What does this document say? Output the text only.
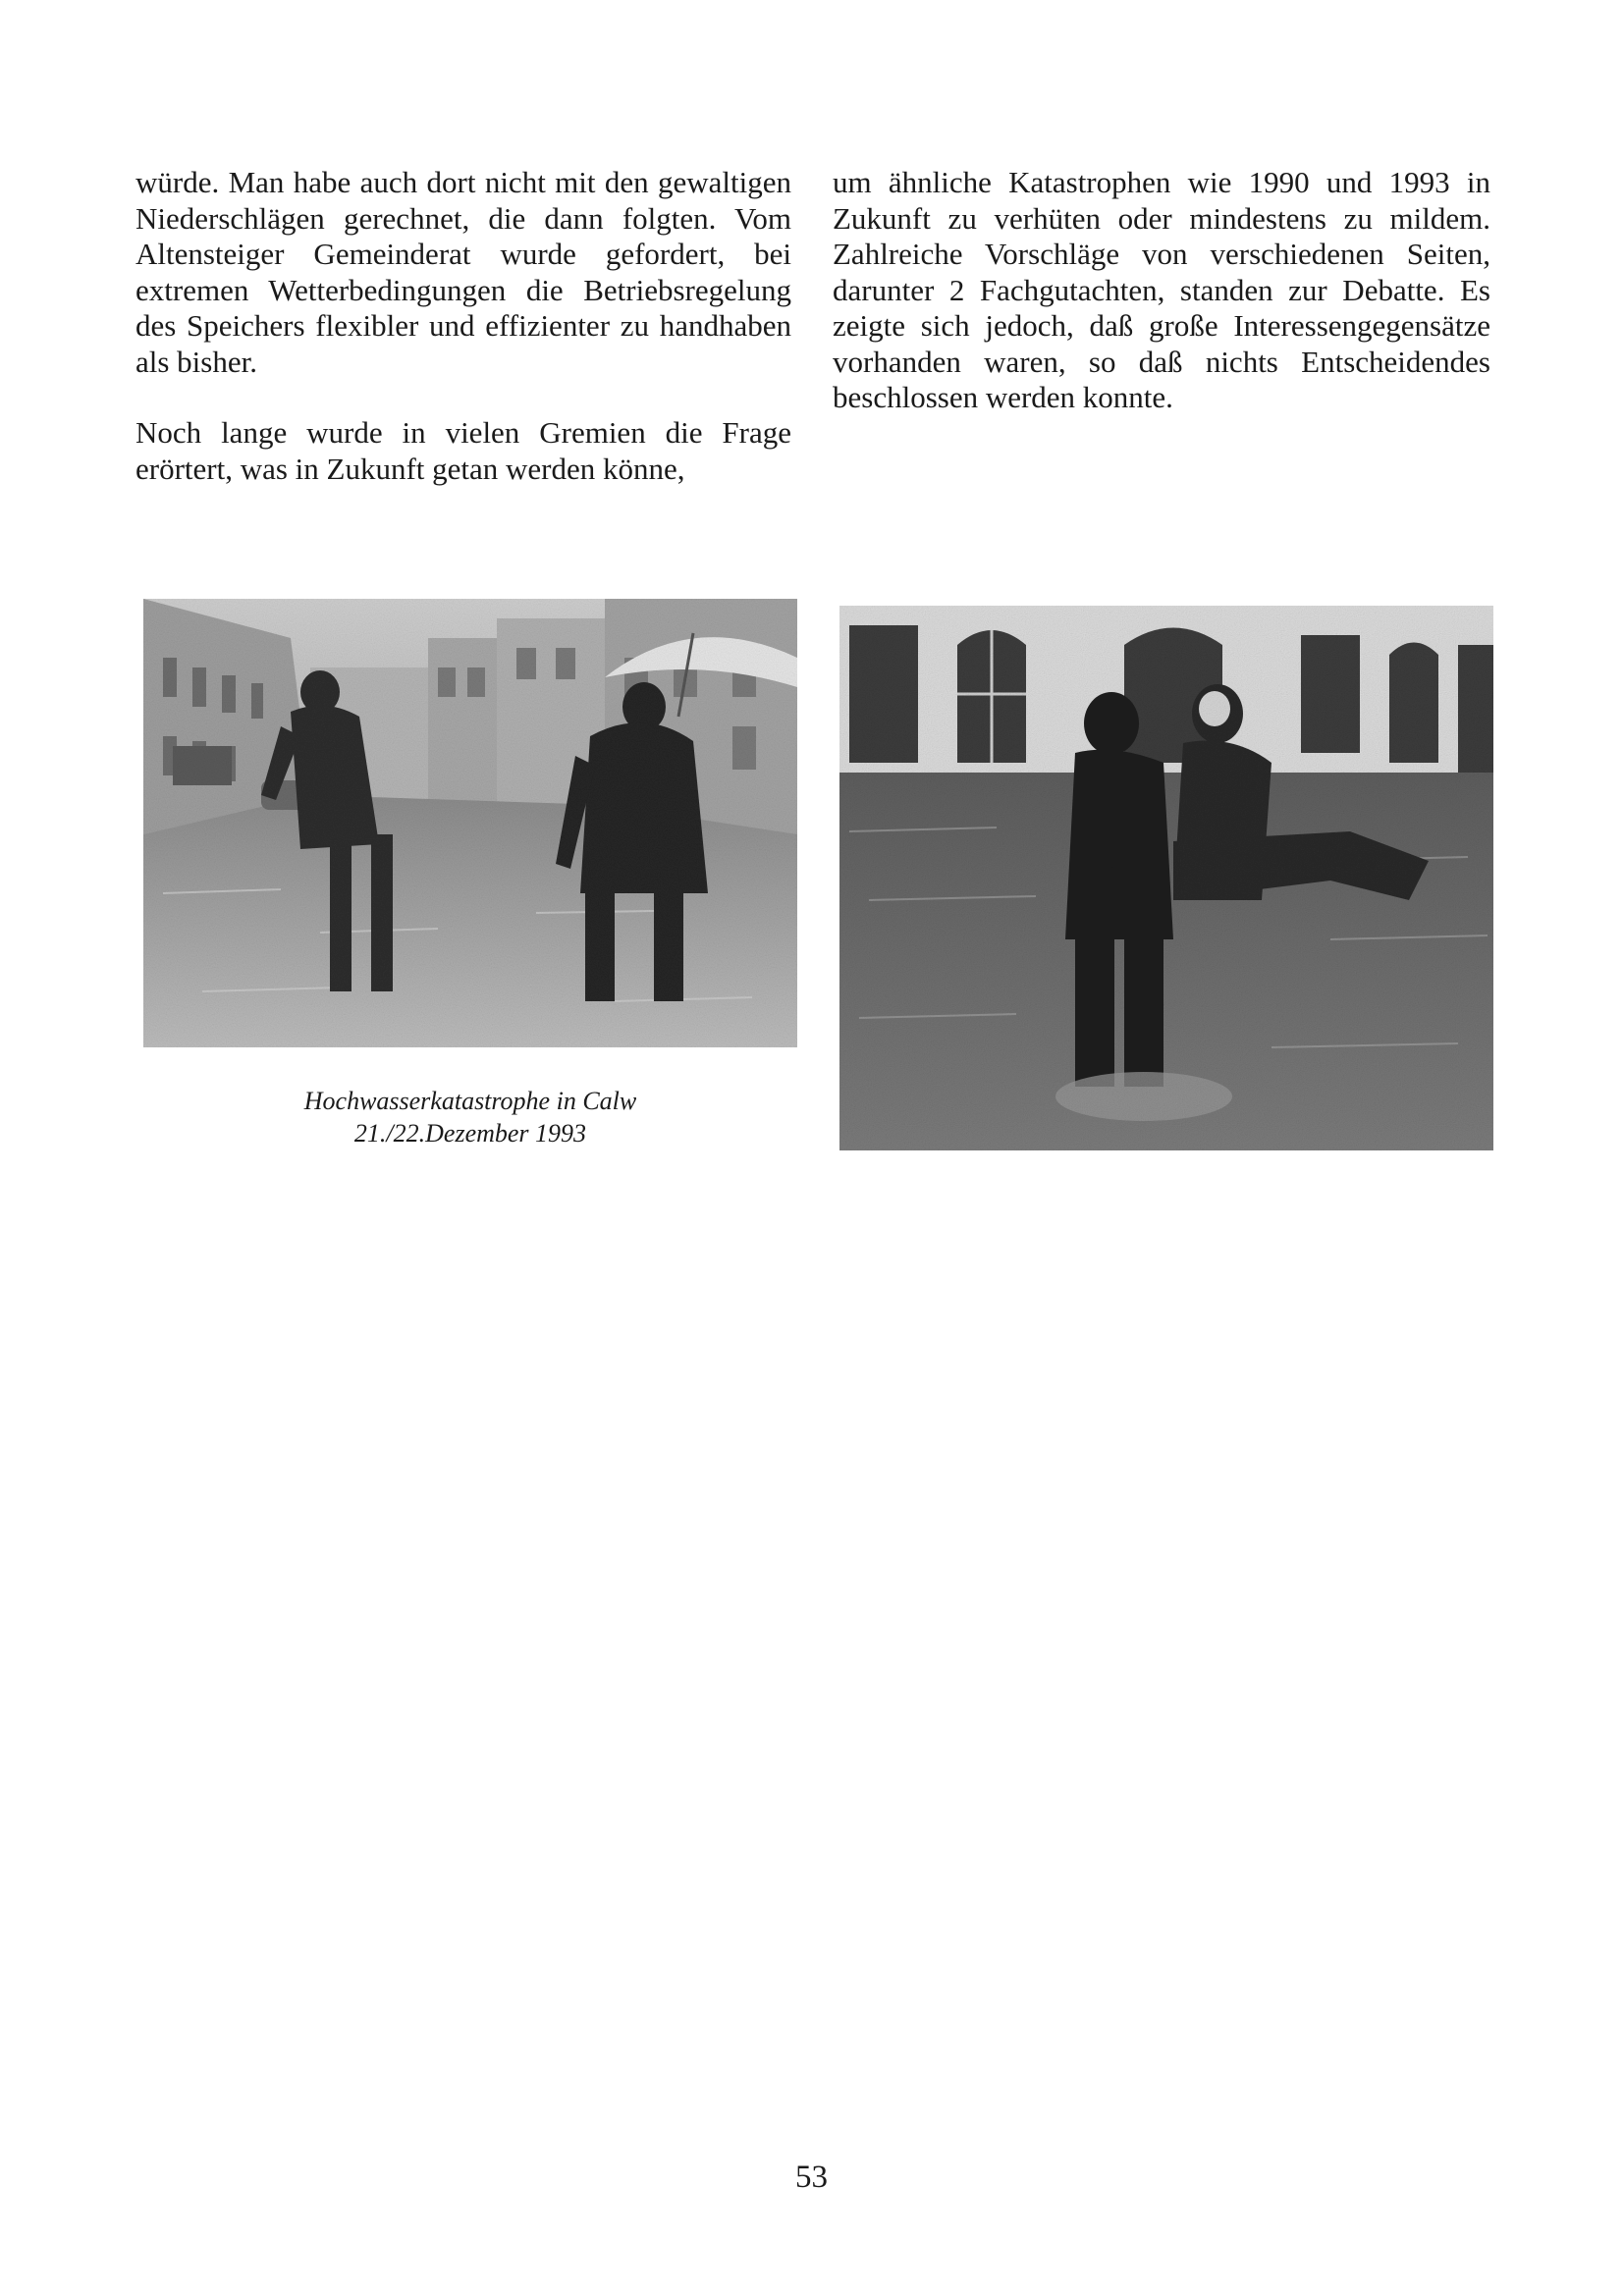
würde. Man habe auch dort nicht mit den gewaltigen Niederschlägen gerechnet, die dann folgten. Vom Altensteiger Gemeinderat wurde gefordert, bei extremen Wetterbedingungen die Betriebsregelung des Speichers flexibler und effizienter zu handhaben als bisher.

Noch lange wurde in vielen Gremien die Frage erörtert, was in Zukunft getan werden könne,

um ähnliche Katastrophen wie 1990 und 1993 in Zukunft zu verhüten oder mindestens zu mildem. Zahlreiche Vorschläge von verschiedenen Seiten, darunter 2 Fachgutachten, standen zur Debatte. Es zeigte sich jedoch, daß große Interessengegensätze vorhanden waren, so daß nichts Entscheidendes beschlossen werden konnte.

Hochwasserkatastrophe in Calw
21./22.Dezember 1993
53
